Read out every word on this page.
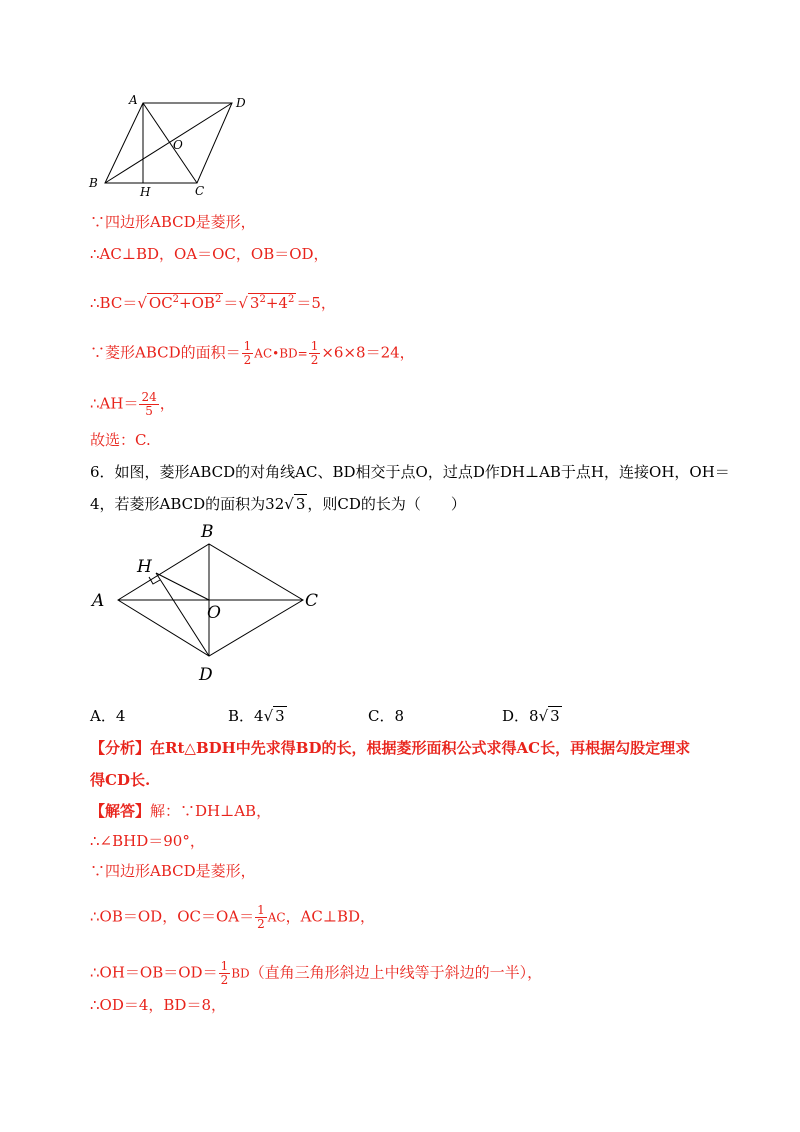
A	D
O
B
H	C
∵四边形ABCD是菱形，
∴AC⊥BD，OA＝OC，OB＝OD，
∴BC＝√ $OC^2+OB^2$ ＝√ $3^2+4^2 =5$，
∵菱形ABCD的面积＝ $\frac{1}{2}$ AC•BD= $\frac{1}{2} \times 6\times 8=24$，
∴AH＝ $\frac{24}{5}$ ，
故选：C.
6．如图，菱形ABCD的对角线AC、BD相交于点O，过点D作DH⊥AB于点H，连接OH，OH＝
4，若菱形ABCD的面积为32√ 3 ，则CD的长为（　　）
B
H
A
O
C
D
A．4	B．4√ 3	C．8	D．8√ 3
【分析】在Rt△BDH中先求得BD的长，根据菱形面积公式求得AC长，再根据勾股定理求
得CD长.
【解答】解：∵DH⊥AB，
∴∠BHD＝90°，
∵四边形ABCD是菱形，
∴OB＝OD，$OC=OA= \frac{1}{2}$ AC，AC⊥BD，
∴OH＝OB＝OD＝ $\frac{1}{2} BD$（直角三角形斜边上中线等于斜边的一半），
∴OD＝4，BD＝8，
